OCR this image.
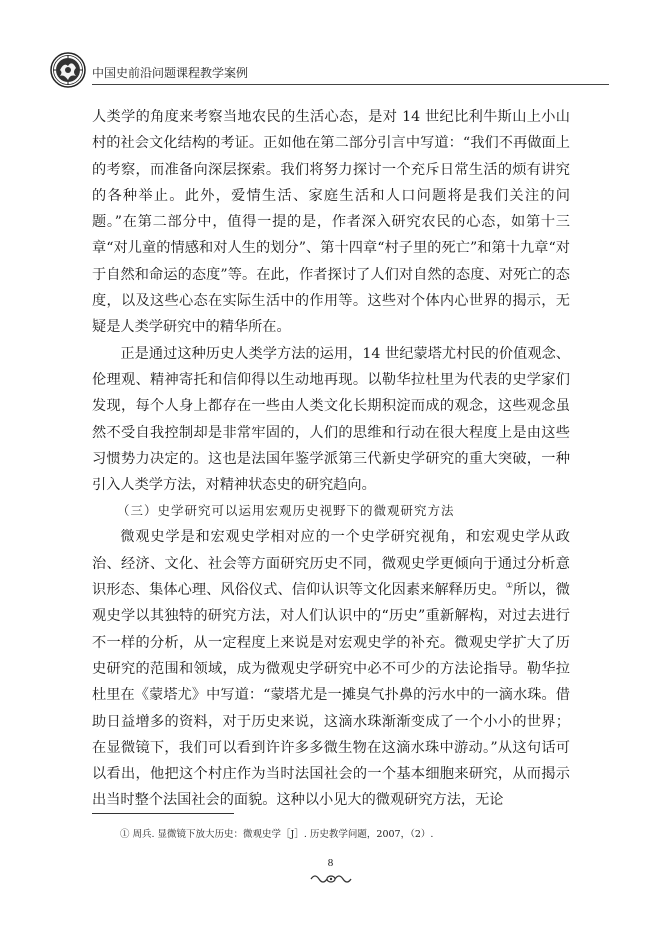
中国史前沿问题课程教学案例

人类学的角度来考察当地农民的生活心态，是对 14 世纪比利牛斯山上小山村的社会文化结构的考证。正如他在第二部分引言中写道：“我们不再做面上的考察，而准备向深层探索。我们将努力探讨一个充斥日常生活的烦有讲究的各种举止。此外，爱情生活、家庭生活和人口问题将是我们关注的问题。”在第二部分中，值得一提的是，作者深入研究农民的心态，如第十三章“对儿童的情感和对人生的划分”、第十四章“村子里的死亡”和第十九章“对于自然和命运的态度”等。在此，作者探讨了人们对自然的态度、对死亡的态度，以及这些心态在实际生活中的作用等。这些对个体内心世界的揭示，无疑是人类学研究中的精华所在。

正是通过这种历史人类学方法的运用，14 世纪蒙塔尤村民的价值观念、伦理观、精神寄托和信仰得以生动地再现。以勒华拉杜里为代表的史学家们发现，每个人身上都存在一些由人类文化长期积淀而成的观念，这些观念虽然不受自我控制却是非常牢固的，人们的思维和行动在很大程度上是由这些习惯势力决定的。这也是法国年鉴学派第三代新史学研究的重大突破，一种引入人类学方法，对精神状态史的研究趋向。

（三）史学研究可以运用宏观历史视野下的微观研究方法

微观史学是和宏观史学相对应的一个史学研究视角，和宏观史学从政治、经济、文化、社会等方面研究历史不同，微观史学更倾向于通过分析意识形态、集体心理、风俗仪式、信仰认识等文化因素来解释历史。①所以，微观史学以其独特的研究方法，对人们认识中的“历史”重新解构，对过去进行不一样的分析，从一定程度上来说是对宏观史学的补充。微观史学扩大了历史研究的范围和领域，成为微观史学研究中必不可少的方法论指导。勒华拉杜里在《蒙塔尤》中写道：“蒙塔尤是一摊臭气扑鼻的污水中的一滴水珠。借助日益增多的资料，对于历史来说，这滴水珠渐渐变成了一个小小的世界；在显微镜下，我们可以看到许许多多微生物在这滴水珠中游动。”从这句话可以看出，他把这个村庄作为当时法国社会的一个基本细胞来研究，从而揭示出当时整个法国社会的面貌。这种以小见大的微观研究方法，无论

① 周兵. 显微镜下放大历史：微观史学［J］. 历史教学问题，2007，（2）.
8
